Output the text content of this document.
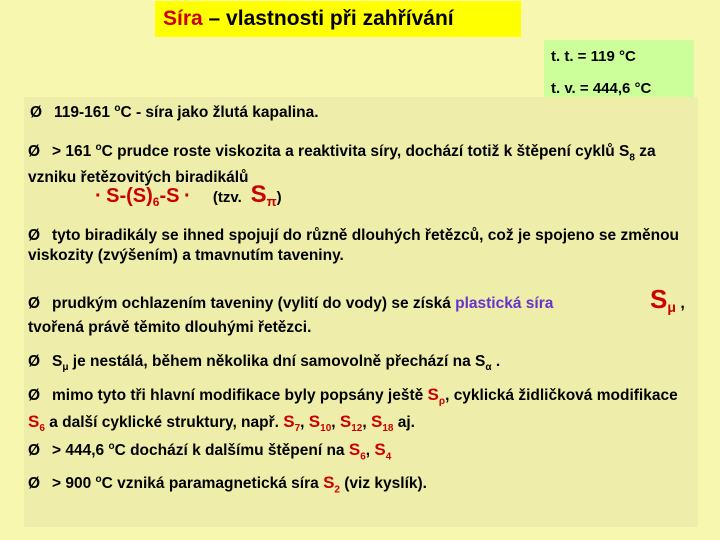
Síra – vlastnosti při zahřívání
t. t. = 119 °C
t. v. = 444,6 °C
Ø 119-161 $^o$C - síra jako žlutá kapalina.
Ø > 161 $^o$C prudce roste viskozita a reaktivita síry, dochází totiž k štěpení cyklů $S_8$ za vzniku řetězovitých biradikálů
· $S-(S)_6-S \cdot (tzv$. $S_\pi$)
Ø tyto biradikály se ihned spojují do různě dlouhých řetězců, což je spojeno se změnou viskozity (zvýšením) a tmavnutím taveniny.
Ø prudkým ochlazením taveniny (vylití do vody) se získá plastická síra	$S_\mu$ ,
tvořená právě těmito dlouhými řetězci.
Ø $S_\mu$ je nestálá, během několika dní samovolně přechází na $S_\alpha$ .
Ø mimo tyto tři hlavní modifikace byly popsány ještě $S_\rho$, cyklická židličková modifikace $S_6$ a další cyklické struktury, např. $S_7$, $S_{10}$, $S_{12}$, $S_{18}$ aj.
Ø > 444,6 $^o$C dochází k dalšímu štěpení na $S_6$, $S_4$
Ø > 900 $^o$C vzniká paramagnetická síra $S_2$ (viz kyslík).
